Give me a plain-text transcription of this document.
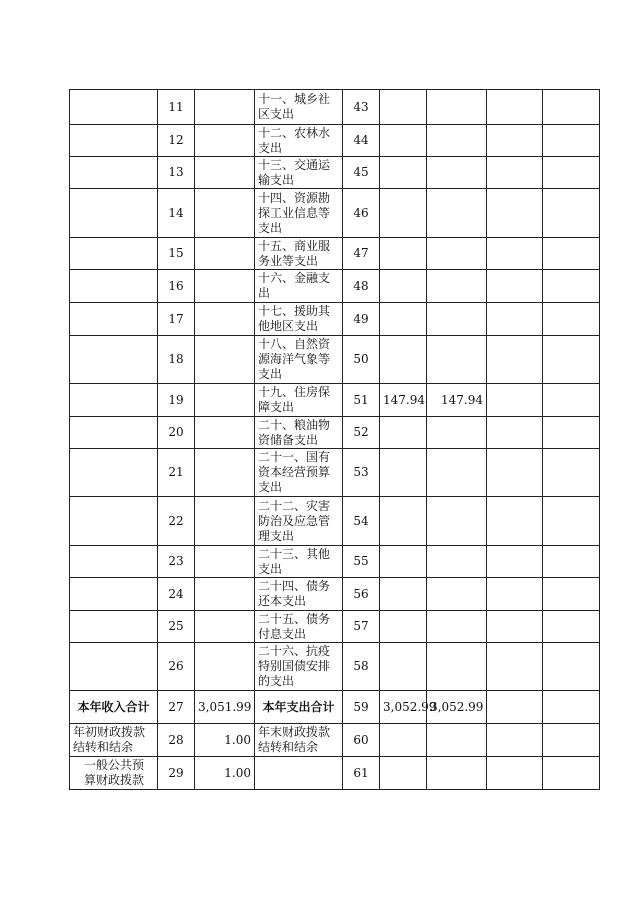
	11		十一、城乡社区支出	43				
	12		十二、农林水支出	44				
	13		十三、交通运输支出	45				
	14		十四、资源勘探工业信息等支出	46				
	15		十五、商业服务业等支出	47				
	16		十六、金融支出	48				
	17		十七、援助其他地区支出	49				
	18		十八、自然资源海洋气象等支出	50				
	19		十九、住房保障支出	51	147.94	147.94		
	20		二十、粮油物资储备支出	52				
	21		二十一、国有资本经营预算支出	53				
	22		二十二、灾害防治及应急管理支出	54				
	23		二十三、其他支出	55				
	24		二十四、债务还本支出	56				
	25		二十五、债务付息支出	57				
	26		二十六、抗疫特别国债安排的支出	58				
本年收入合计	27	3,051.99	本年支出合计	59	3,052.99	3,052.99		
年初财政拨款结转和结余	28	1.00	年末财政拨款结转和结余	60				
一般公共预算财政拨款	29	1.00		61				
